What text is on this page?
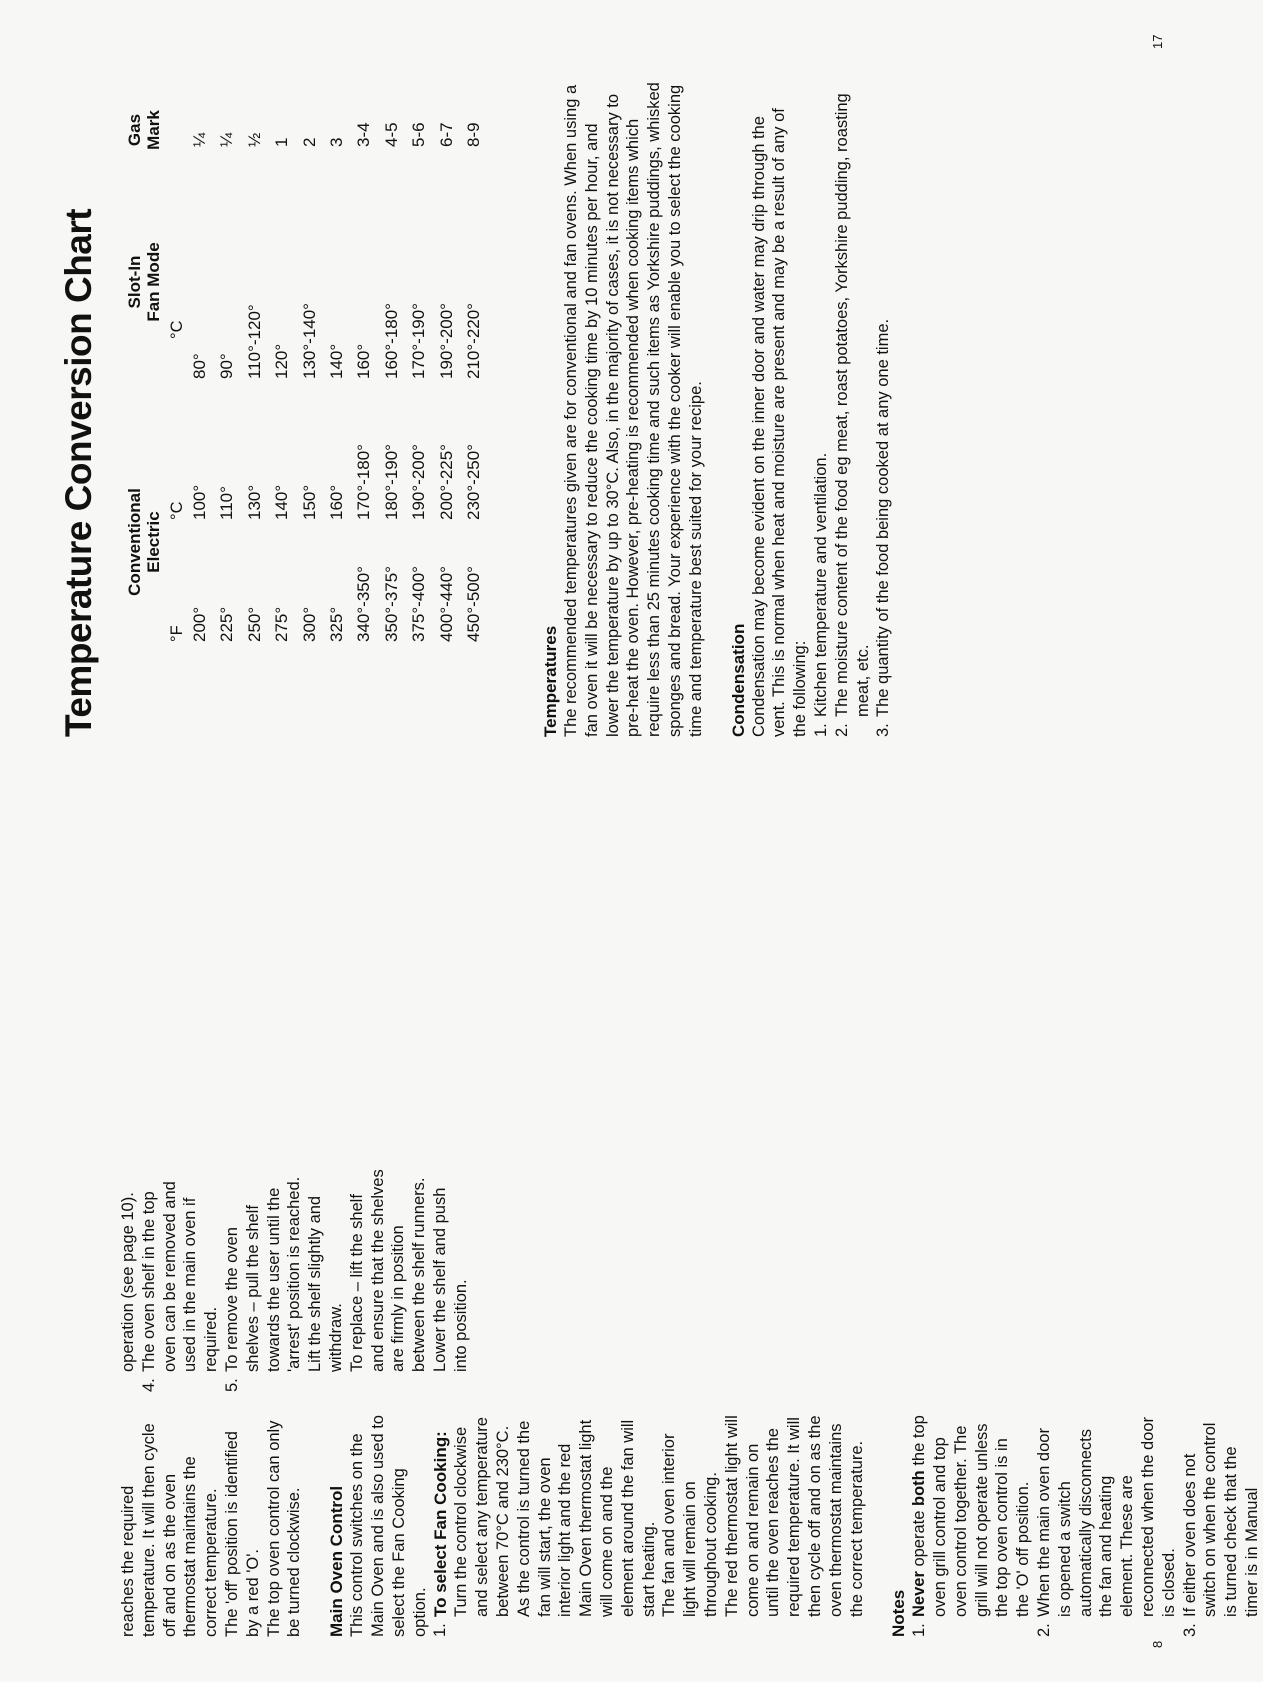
reaches the required temperature. It will then cycle off and on as the oven thermostat maintains the correct temperature. The 'off' position is identified by a red 'O'. The top oven control can only be turned clockwise. Main Oven Control This control switches on the Main Oven and is also used to select the Fan Cooking option. 1.

To select Fan Cooking: Turn the control clockwise and select any temperature between 70°C and 230°C. As the control is turned the fan will start, the oven interior light and the red Main Oven thermostat light will come on and the element around the fan will start heating. The fan and oven interior light will remain on throughout cooking. The red thermostat light will come on and remain on until the oven reaches the required temperature. It will then cycle off and on as the oven thermostat maintains the correct temperature. Notes 1.

Never operate both the top oven grill control and top oven control together. The grill will not operate unless the top oven control is in the 'O' off position.

2.

When the main oven door is opened a switch automatically disconnects the fan and heating element. These are reconnected when the door is closed.

3.

If either oven does not switch on when the control is turned check that the timer is in Manual

operation (see page 10).

4.

The oven shelf in the top oven can be removed and used in the main oven if required.

5.

To remove the oven shelves – pull the shelf towards the user until the 'arrest' position is reached. Lift the shelf slightly and withdraw. To replace – lift the shelf and ensure that the shelves are firmly in position between the shelf runners. Lower the shelf and push into position.

8
Temperature Conversion Chart Conventional Electric
Slot-In Fan Mode
Gas Mark
°F
°C
°C
200°
100°
80°
¼
225°
110°
90°
¼
250°
130°
110°-120°
½
275°
140°
120°
1
300°
150°
130°-140°
2
325°
160°
140°
3
340°-350°
170°-180°
160°
3-4
350°-375°
180°-190°
160°-180°
4-5
375°-400°
190°-200°
170°-190°
5-6
400°-440°
200°-225°
190°-200°
6-7
450°-500°
230°-250°
210°-220°
8-9

Temperatures The recommended temperatures given are for conventional and fan ovens. When using a fan oven it will be necessary to reduce the cooking time by 10 minutes per hour, and lower the temperature by up to 30°C. Also, in the majority of cases, it is not necessary to pre-heat the oven. However, pre-heating is recommended when cooking items which require less than 25 minutes cooking time and such items as Yorkshire puddings, whisked sponges and bread. Your experience with the cooker will enable you to select the cooking time and temperature best suited for your recipe. Condensation Condensation may become evident on the inner door and water may drip through the vent. This is normal when heat and moisture are present and may be a result of any of the following: 1.

Kitchen temperature and ventilation.

2.

The moisture content of the food eg meat, roast potatoes, Yorkshire pudding, roasting meat, etc.

3.

The quantity of the food being cooked at any one time.

17
